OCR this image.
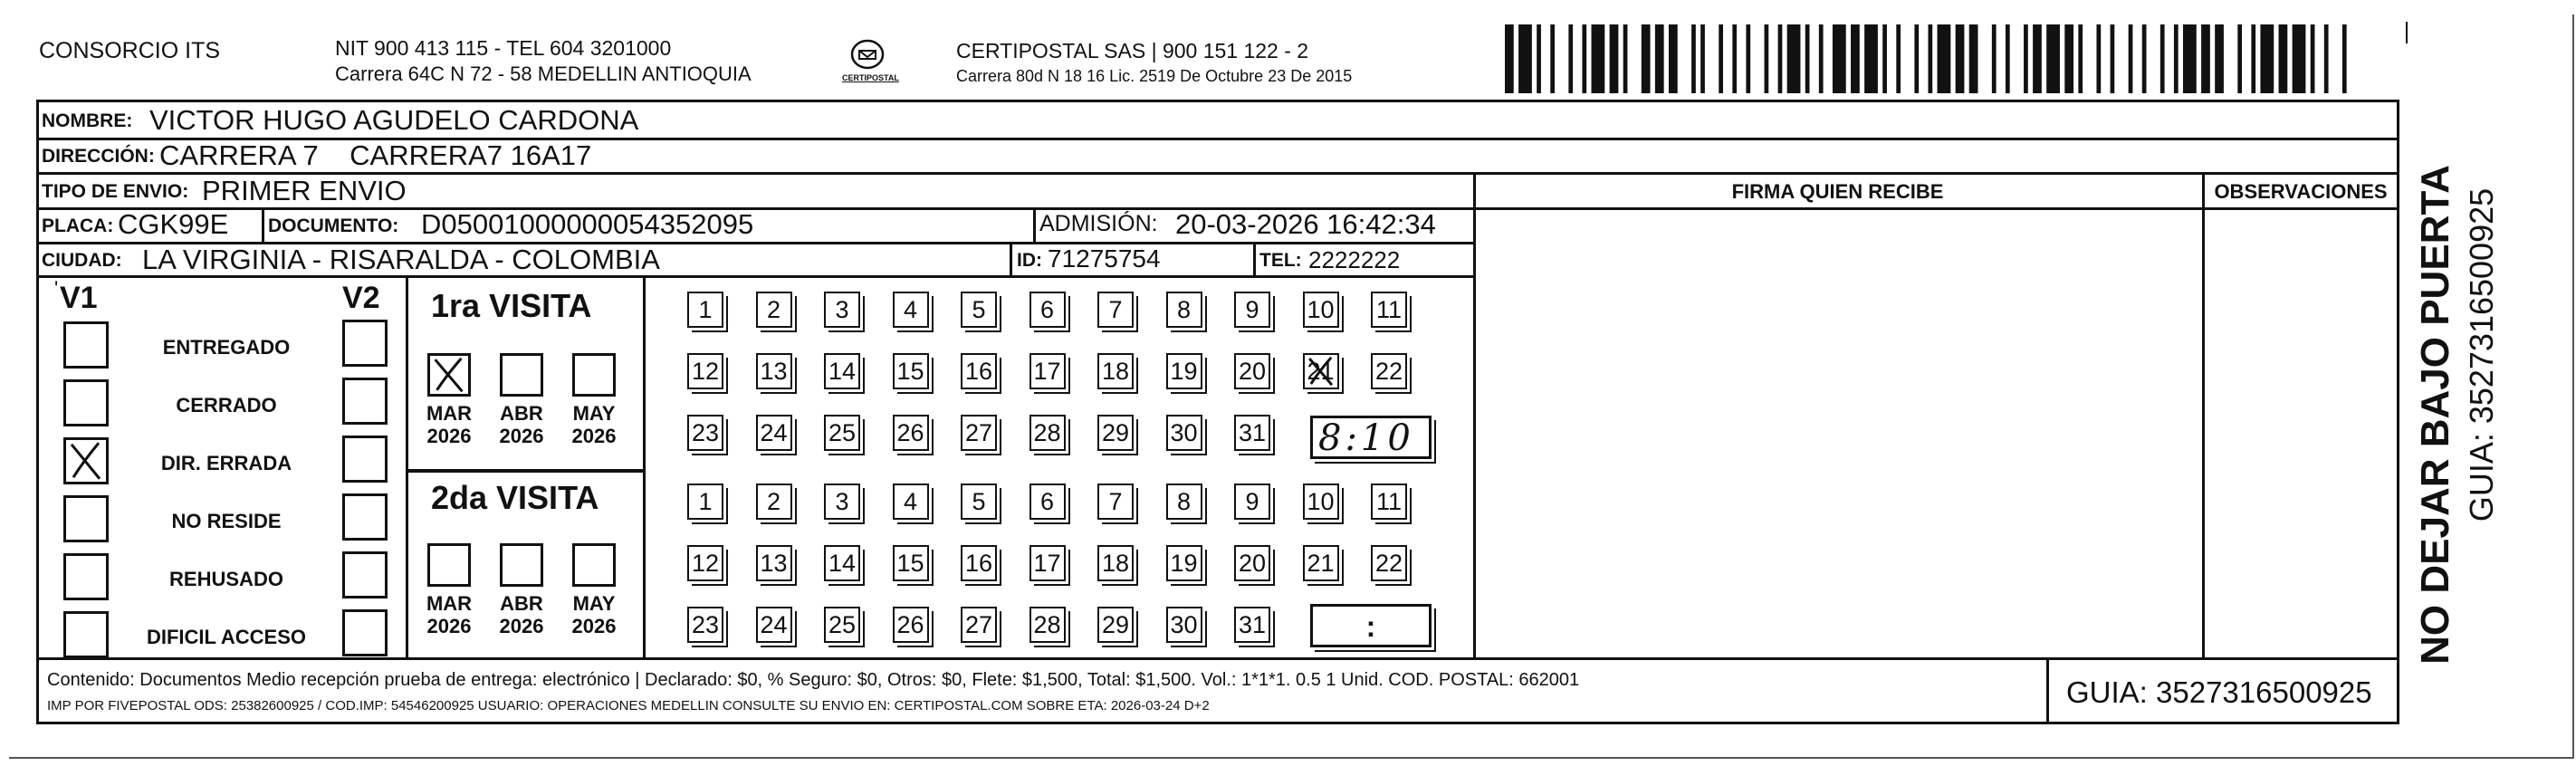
CONSORCIO ITS	NIT 900 413 115 - TEL 604 3201000
Carrera 64C N 72 - 58 MEDELLIN ANTIOQUIA	CERTIPOSTAL
CERTIPOSTAL SAS | 900 151 122 - 2
Carrera 80d N 18 16 Lic. 2519 De Octubre 23 De 2015
NOMBRE: VICTOR HUGO AGUDELO CARDONA
DIRECCIÓN: CARRERA 7    CARRERA7 16A17
TIPO DE ENVIO: PRIMER ENVIO
PLACA: CGK99E DOCUMENTO: D05001000000054352095	ADMISIÓN: 20-03-2026 16:42:34
CIUDAD: LA VIRGINIA - RISARALDA - COLOMBIA	ID: 71275754	TEL: 2222222
FIRMA QUIEN RECIBE	OBSERVACIONES
V1
'	V2
ENTREGADO
CERRADO
DIR. ERRADA
NO RESIDE
REHUSADO
DIFICIL ACCESO
1ra VISITA
MAR
2026
ABR
2026
MAY
2026
1	2	3	4	5	6	7	8	9	10 11
12 13 14 15 16 17 18 19 20 21 22
23 24 25 26 27 28 29 30 31 8:10
2da VISITA
MAR
2026
ABR
2026
MAY
2026
1	2	3	4	5	6	7	8	9	10 11
12 13 14 15 16 17 18 19 20 21 22
23 24 25 26 27 28 29 30 31	:
Contenido: Documentos Medio recepción prueba de entrega: electrónico | Declarado: $0, % Seguro: $0, Otros: $0, Flete: $1,500, Total: $1,500. Vol.: 1*1*1. 0.5 1 Unid. COD. POSTAL: 662001
IMP POR FIVEPOSTAL ODS: 25382600925 / COD.IMP: 54546200925 USUARIO: OPERACIONES MEDELLIN CONSULTE SU ENVIO EN: CERTIPOSTAL.COM SOBRE ETA: 2026-03-24 D+2	GUIA: 3527316500925
NO DEJAR BAJO PUERTA GUIA: 3527316500925
